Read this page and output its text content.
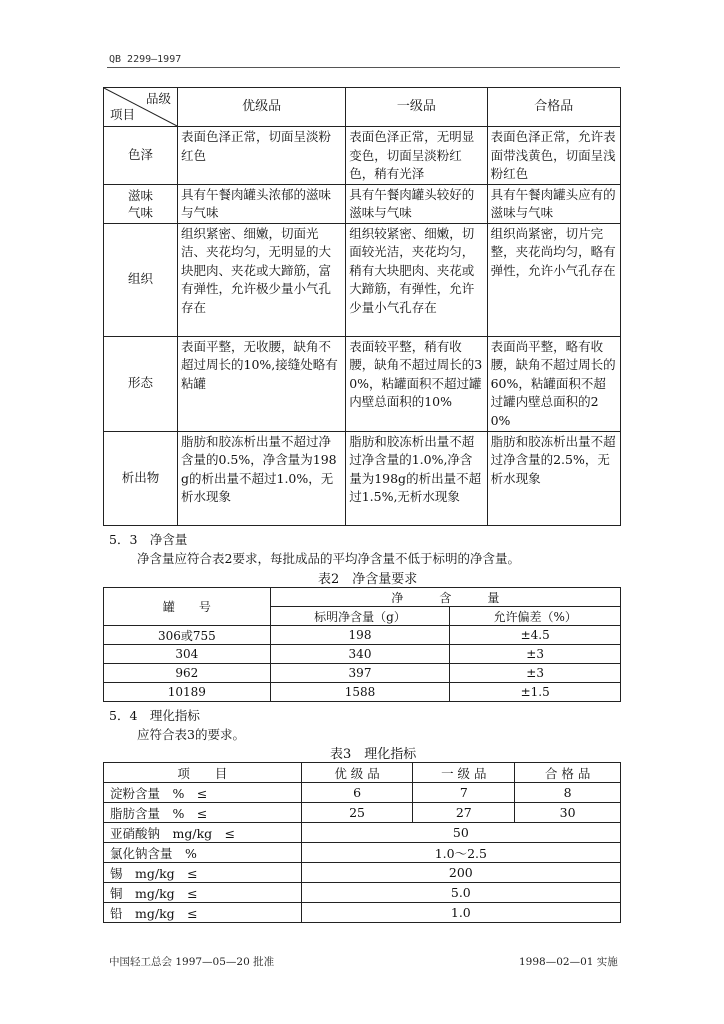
QB 2299—1997
品级
项目	优级品	一级品	合格品
色泽	表面色泽正常，切面呈淡粉红色	表面色泽正常，无明显变色，切面呈淡粉红色，稍有光泽	表面色泽正常，允许表面带浅黄色，切面呈浅粉红色
滋味气味	具有午餐肉罐头浓郁的滋味与气味	具有午餐肉罐头较好的滋味与气味	具有午餐肉罐头应有的滋味与气味
组织	组织紧密、细嫩，切面光洁、夹花均匀，无明显的大块肥肉、夹花或大蹄筋，富有弹性，允许极少量小气孔存在	组织较紧密、细嫩，切面较光洁，夹花均匀，稍有大块肥肉、夹花或大蹄筋，有弹性，允许少量小气孔存在	组织尚紧密，切片完整，夹花尚均匀，略有弹性，允许小气孔存在
形态	表面平整，无收腰，缺角不超过周长的10%,接缝处略有粘罐	表面较平整，稍有收腰，缺角不超过周长的30%，粘罐面积不超过罐内壁总面积的10%	表面尚平整，略有收腰，缺角不超过周长的60%，粘罐面积不超过罐内壁总面积的20%
析出物	脂肪和胶冻析出量不超过净含量的0.5%，净含量为198g的析出量不超过1.0%，无析水现象	脂肪和胶冻析出量不超过净含量的1.0%,净含量为198g的析出量不超过1.5%,无析水现象	脂肪和胶冻析出量不超过净含量的2.5%，无析水现象
5．3　净含量
净含量应符合表2要求，每批成品的平均净含量不低于标明的净含量。
表2　净含量要求
罐　　号	净　　　含　　　量	
	标明净含量（g）	允许偏差（%）
306或755	198	±4.5
304	340	±3
962	397	±3
10189	1588	±1.5
5．4　理化指标
应符合表3的要求。
表3　理化指标
项　　目	优 级 品	一 级 品	合 格 品
淀粉含量　%　≤	6	7	8
脂肪含量　%　≤	25	27	30
亚硝酸钠　mg/kg　≤	50		
氯化钠含量　%	1.0～2.5		
锡　mg/kg　≤	200		
铜　mg/kg　≤	5.0		
铅　mg/kg　≤	1.0		
中国轻工总会 1997—05—20 批准	1998—02—01 实施
